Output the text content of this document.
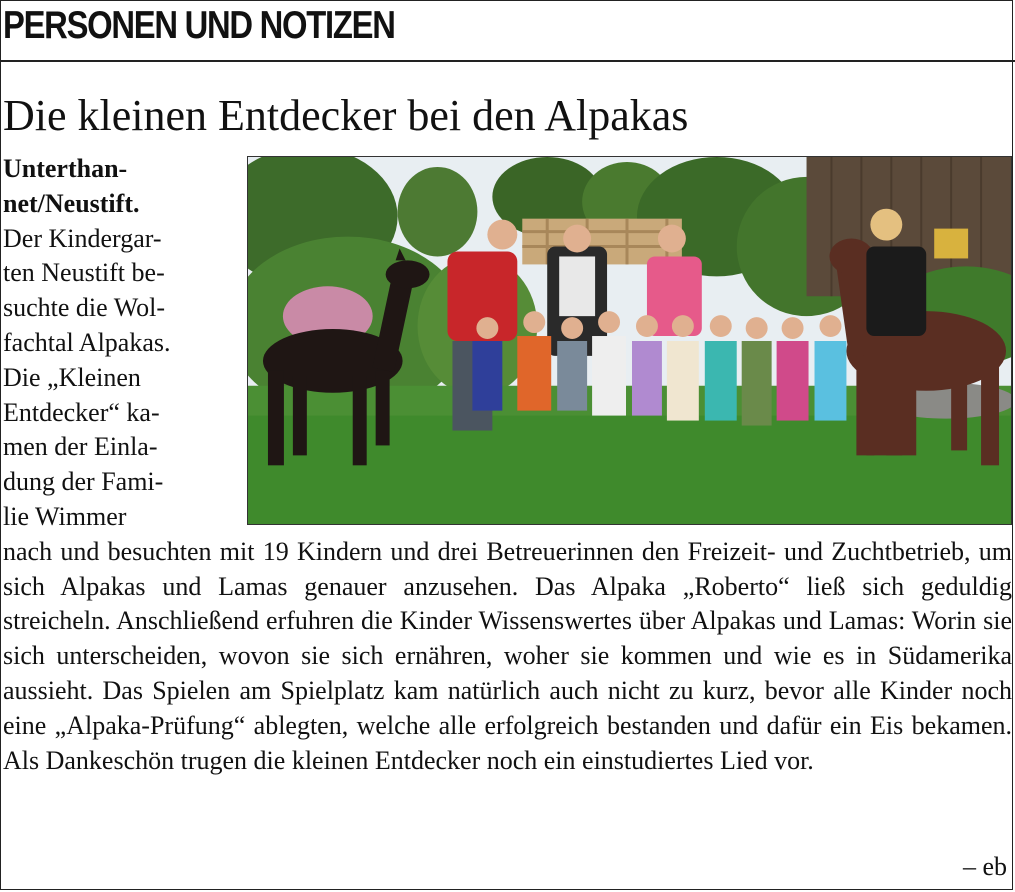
PERSONEN UND NOTIZEN
Die kleinen Entdecker bei den Alpakas
Unterthan-
net/Neustift.
Der Kindergar-
ten Neustift be-
suchte die Wol-
fachtal Alpakas.
Die „Kleinen
Entdecker“ ka-
men der Einla-
dung der Fami-
lie Wimmer
nach und besuchten mit 19 Kindern und drei Betreuerinnen den Freizeit- und Zuchtbetrieb, um sich Alpakas und Lamas genauer anzusehen. Das Alpaka „Roberto“ ließ sich geduldig streicheln. Anschließend erfuhren die Kinder Wissenswertes über Alpakas und Lamas: Worin sie sich unterscheiden, wovon sie sich ernähren, woher sie kommen und wie es in Südamerika aussieht. Das Spielen am Spielplatz kam natürlich auch nicht zu kurz, bevor alle Kinder noch eine „Alpaka-Prüfung“ ablegten, welche alle erfolgreich bestanden und dafür ein Eis bekamen. Als Dankeschön trugen die kleinen Entdecker noch ein einstudiertes Lied vor.
– eb
